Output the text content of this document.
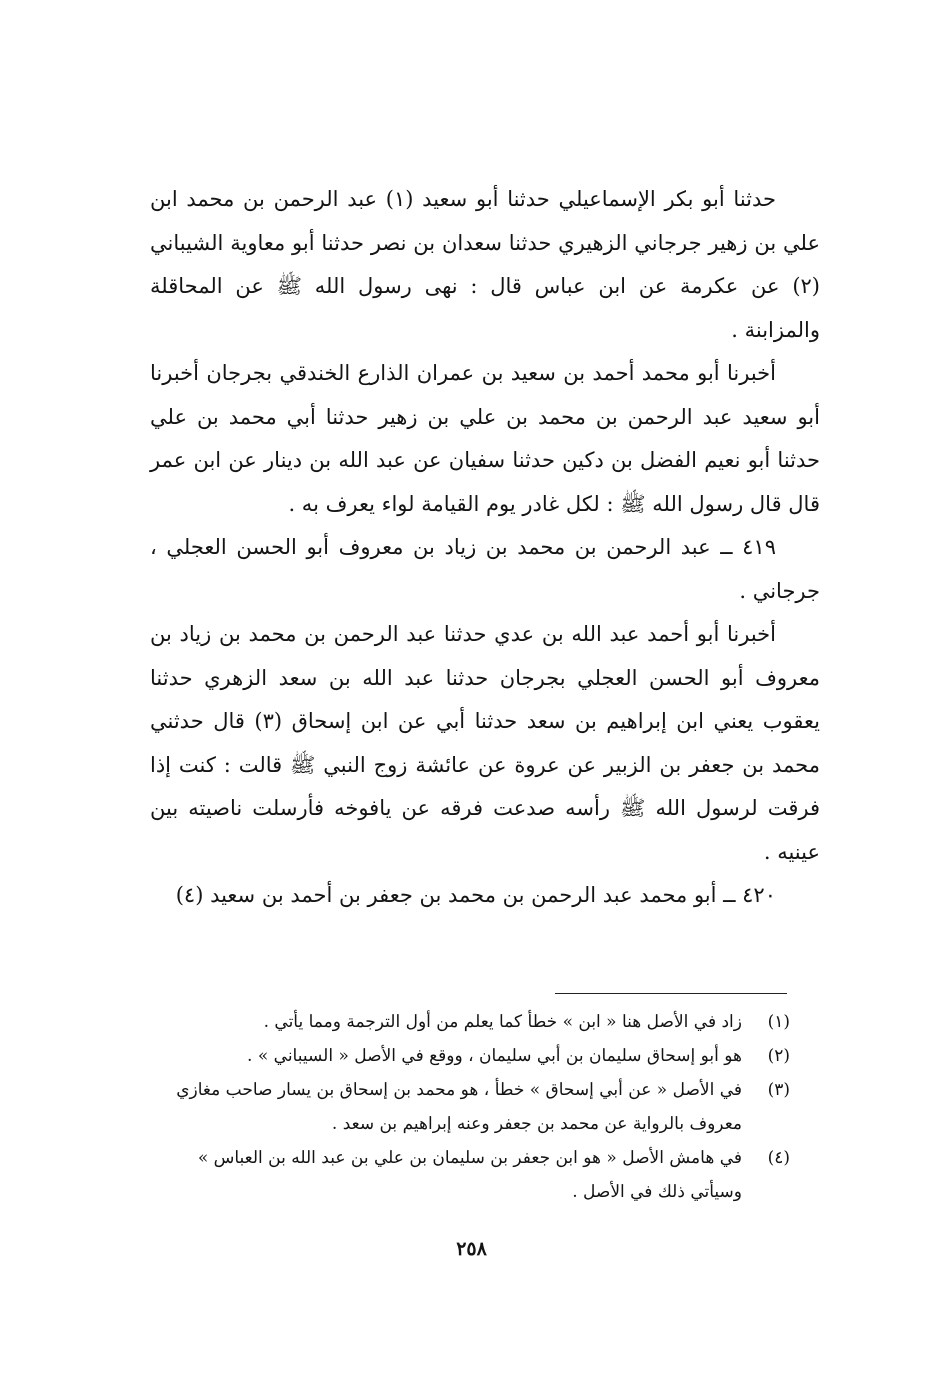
حدثنا أبو بكر الإسماعيلي حدثنا أبو سعيد (١) عبد الرحمن بن محمد ابن علي بن زهير جرجاني الزهيري حدثنا سعدان بن نصر حدثنا أبو معاوية الشيباني (٢) عن عكرمة عن ابن عباس قال : نهى رسول الله ﷺ عن المحاقلة والمزابنة .

أخبرنا أبو محمد أحمد بن سعيد بن عمران الذارع الخندقي بجرجان أخبرنا أبو سعيد عبد الرحمن بن محمد بن علي بن زهير حدثنا أبي محمد بن علي حدثنا أبو نعيم الفضل بن دكين حدثنا سفيان عن عبد الله بن دينار عن ابن عمر قال قال رسول الله ﷺ : لكل غادر يوم القيامة لواء يعرف به .

٤١٩ ــ عبد الرحمن بن محمد بن زياد بن معروف أبو الحسن العجلي ، جرجاني .

أخبرنا أبو أحمد عبد الله بن عدي حدثنا عبد الرحمن بن محمد بن زياد بن معروف أبو الحسن العجلي بجرجان حدثنا عبد الله بن سعد الزهري حدثنا يعقوب يعني ابن إبراهيم بن سعد حدثنا أبي عن ابن إسحاق (٣) قال حدثني محمد بن جعفر بن الزبير عن عروة عن عائشة زوج النبي ﷺ قالت : كنت إذا فرقت لرسول الله ﷺ رأسه صدعت فرقه عن يافوخه فأرسلت ناصيته بين عينيه .

٤٢٠ ــ أبو محمد عبد الرحمن بن محمد بن جعفر بن أحمد بن سعيد (٤)

(١)
زاد في الأصل هنا « ابن » خطأ كما يعلم من أول الترجمة ومما يأتي .
(٢)
هو أبو إسحاق سليمان بن أبي سليمان ، ووقع في الأصل « السيباني » .
(٣)
في الأصل « عن أبي إسحاق » خطأ ، هو محمد بن إسحاق بن يسار صاحب مغازي معروف بالرواية عن محمد بن جعفر وعنه إبراهيم بن سعد .
(٤)
في هامش الأصل « هو ابن جعفر بن سليمان بن علي بن عبد الله بن العباس » وسيأتي ذلك في الأصل .
٢٥٨
